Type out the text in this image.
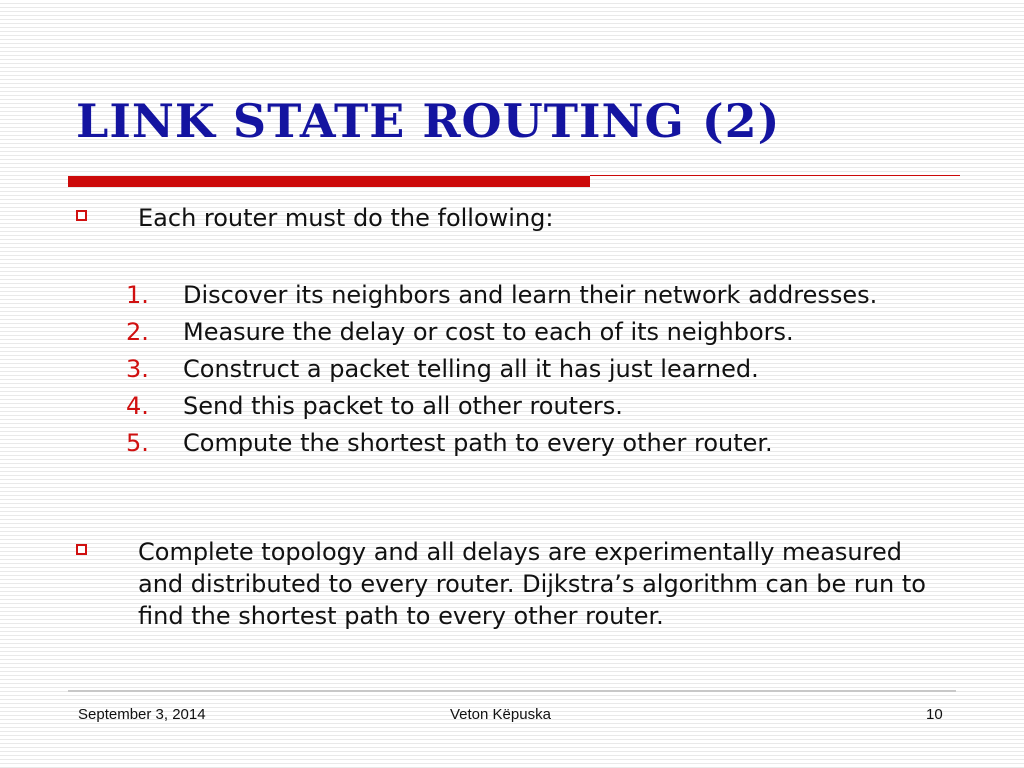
LINK STATE ROUTING (2)

Each router must do the following:

1. Discover its neighbors and learn their network addresses.
2. Measure the delay or cost to each of its neighbors.
3. Construct a packet telling all it has just learned.
4. Send this packet to all other routers.
5. Compute the shortest path to every other router.

Complete topology and all delays are experimentally measured and distributed to every router. Dijkstra’s algorithm can be run to find the shortest path to every other router.

September 3, 2014	Veton Këpuska	10
